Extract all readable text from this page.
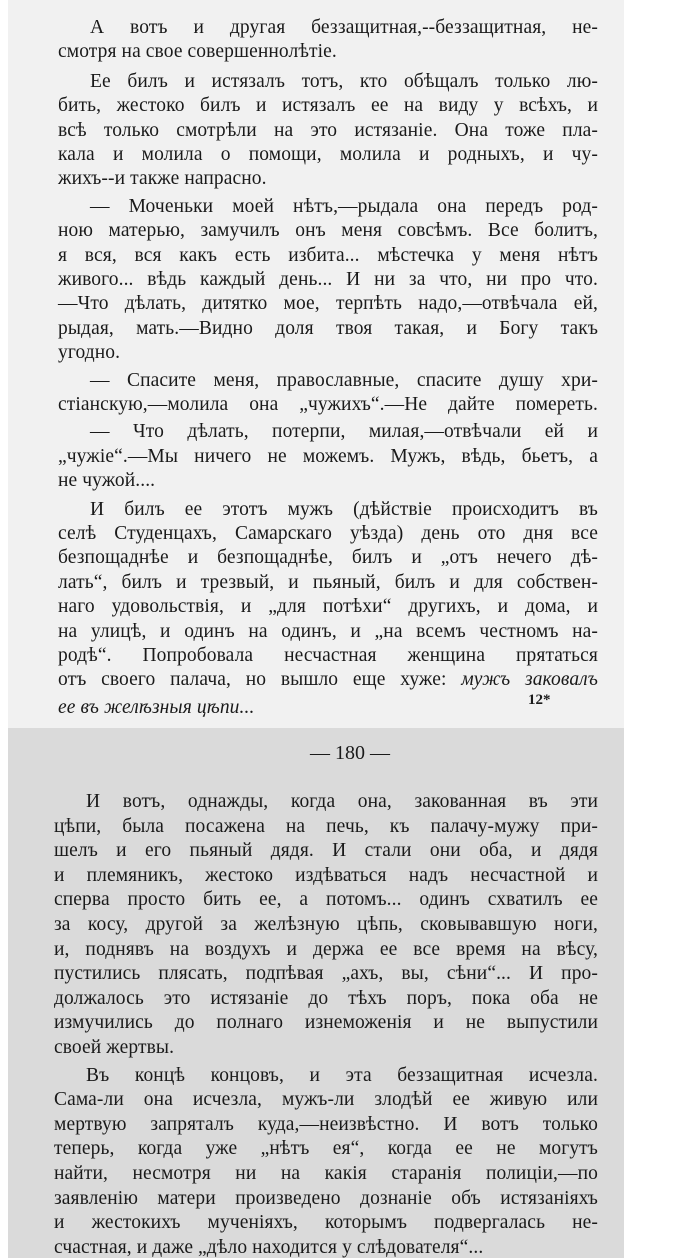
А вотъ и другая беззащитная,--беззащитная, не-
смотря на свое совершеннолѣтіе.
Ее билъ и истязалъ тотъ, кто обѣщалъ только лю-
бить, жестоко билъ и истязалъ ее на виду у всѣхъ, и
всѣ только смотрѣли на это истязаніе. Она тоже пла-
кала и молила о помощи, молила и родныхъ, и чу-
жихъ--и также напрасно.
— Моченьки моей нѣтъ,—рыдала она передъ род-
ною матерью, замучилъ онъ меня совсѣмъ. Все болитъ,
я вся, вся какъ есть избита... мѣстечка у меня нѣтъ
живого... вѣдь каждый день... И ни за что, ни про что.
—Что дѣлать, дитятко мое, терпѣть надо,—отвѣчала ей,
рыдая, мать.—Видно доля твоя такая, и Богу такъ
угодно.
— Спасите меня, православные, спасите душу хри-
стіанскую,—молила она „чужихъ“.—Не дайте помереть.
— Что дѣлать, потерпи, милая,—отвѣчали ей и
„чужіе“.—Мы ничего не можемъ. Мужъ, вѣдь, бьетъ, а
не чужой....
И билъ ее этотъ мужъ (дѣйствіе происходитъ въ
селѣ Студенцахъ, Самарскаго уѣзда) день ото дня все
безпощаднѣе и безпощаднѣе, билъ и „отъ нечего дѣ-
лать“, билъ и трезвый, и пьяный, билъ и для собствен-
наго удовольствія, и „для потѣхи“ другихъ, и дома, и
на улицѣ, и одинъ на одинъ, и „на всемъ честномъ на-
родѣ“. Попробовала несчастная женщина прятаться
отъ своего палача, но вышло еще хуже: мужъ заковалъ
ее въ желѣзныя цѣпи...	12*
— 180 —
И вотъ, однажды, когда она, закованная въ эти
цѣпи, была посажена на печь, къ палачу-мужу при-
шелъ и его пьяный дядя. И стали они оба, и дядя
и племяникъ, жестоко издѣваться надъ несчастной и
сперва просто бить ее, а потомъ... одинъ схватилъ ее
за косу, другой за желѣзную цѣпь, сковывавшую ноги,
и, поднявъ на воздухъ и держа ее все время на вѣсу,
пустились плясать, подпѣвая „ахъ, вы, сѣни“... И про-
должалось это истязаніе до тѣхъ поръ, пока оба не
измучились до полнаго изнеможенія и не выпустили
своей жертвы.
Въ концѣ концовъ, и эта беззащитная исчезла.
Сама-ли она исчезла, мужъ-ли злодѣй ее живую или
мертвую запряталъ куда,—неизвѣстно. И вотъ только
теперь, когда уже „нѣтъ ея“, когда ее не могутъ
найти, несмотря ни на какія старанія полиціи,—по
заявленію матери произведено дознаніе объ истязаніяхъ
и жестокихъ мученіяхъ, которымъ подвергалась не-
счастная, и даже „дѣло находится у слѣдователя“...
